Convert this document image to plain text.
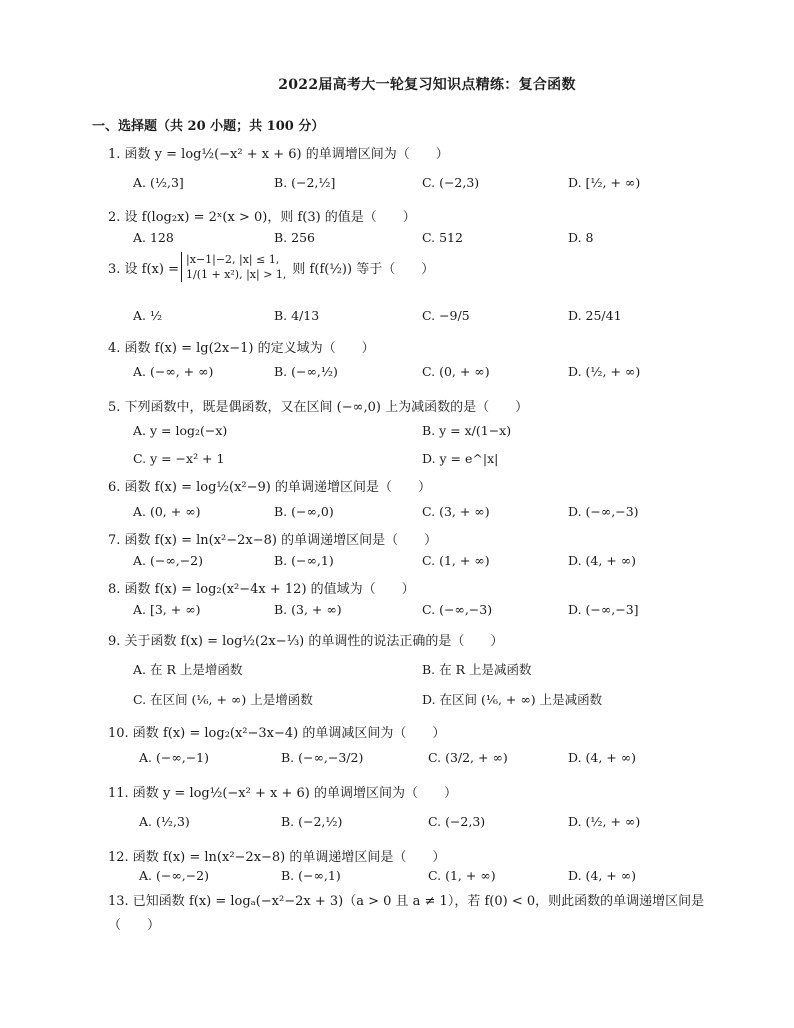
2022届高考大一轮复习知识点精练：复合函数
一、选择题（共 20 小题；共 100 分）
1. 函数 y = log½(−x² + x + 6) 的单调增区间为（　　）
A. (½,3]	B. (−2,½]	C. (−2,3)	D. [½, + ∞)
2. 设 f(log₂x) = 2ˣ(x > 0)，则 f(3) 的值是（　　）
A. 128	B. 256	C. 512	D. 8
3. 设 f(x) =
|x−1|−2, |x| ≤ 1,
1/(1 + x²), |x| > 1, 则 f(f(½)) 等于（　　）
A. ½	B. 4/13	C. −9/5	D. 25/41
4. 函数 f(x) = lg(2x−1) 的定义域为（　　）
A. (−∞, + ∞)	B. (−∞,½)	C. (0, + ∞)	D. (½, + ∞)
5. 下列函数中，既是偶函数，又在区间 (−∞,0) 上为减函数的是（　　）
A. y = log₂(−x)	B. y = x/(1−x)
C. y = −x² + 1	D. y = e^|x|
6. 函数 f(x) = log½(x²−9) 的单调递增区间是（　　）
A. (0, + ∞)	B. (−∞,0)	C. (3, + ∞)	D. (−∞,−3)
7. 函数 f(x) = ln(x²−2x−8) 的单调递增区间是（　　）
A. (−∞,−2)	B. (−∞,1)	C. (1, + ∞)	D. (4, + ∞)
8. 函数 f(x) = log₂(x²−4x + 12) 的值域为（　　）
A. [3, + ∞)	B. (3, + ∞)	C. (−∞,−3)	D. (−∞,−3]
9. 关于函数 f(x) = log½(2x−⅓) 的单调性的说法正确的是（　　）
A. 在 R 上是增函数	B. 在 R 上是减函数
C. 在区间 (⅙, + ∞) 上是增函数	D. 在区间 (⅙, + ∞) 上是减函数
10. 函数 f(x) = log₂(x²−3x−4) 的单调减区间为（　　）
A. (−∞,−1)	B. (−∞,−3/2)	C. (3/2, + ∞)	D. (4, + ∞)
11. 函数 y = log½(−x² + x + 6) 的单调增区间为（　　）
A. (½,3)	B. (−2,½)	C. (−2,3)	D. (½, + ∞)
12. 函数 f(x) = ln(x²−2x−8) 的单调递增区间是（　　）
A. (−∞,−2)	B. (−∞,1)	C. (1, + ∞)	D. (4, + ∞)
13. 已知函数 f(x) = logₐ(−x²−2x + 3)（a > 0 且 a ≠ 1），若 f(0) < 0，则此函数的单调递增区间是（　　）
